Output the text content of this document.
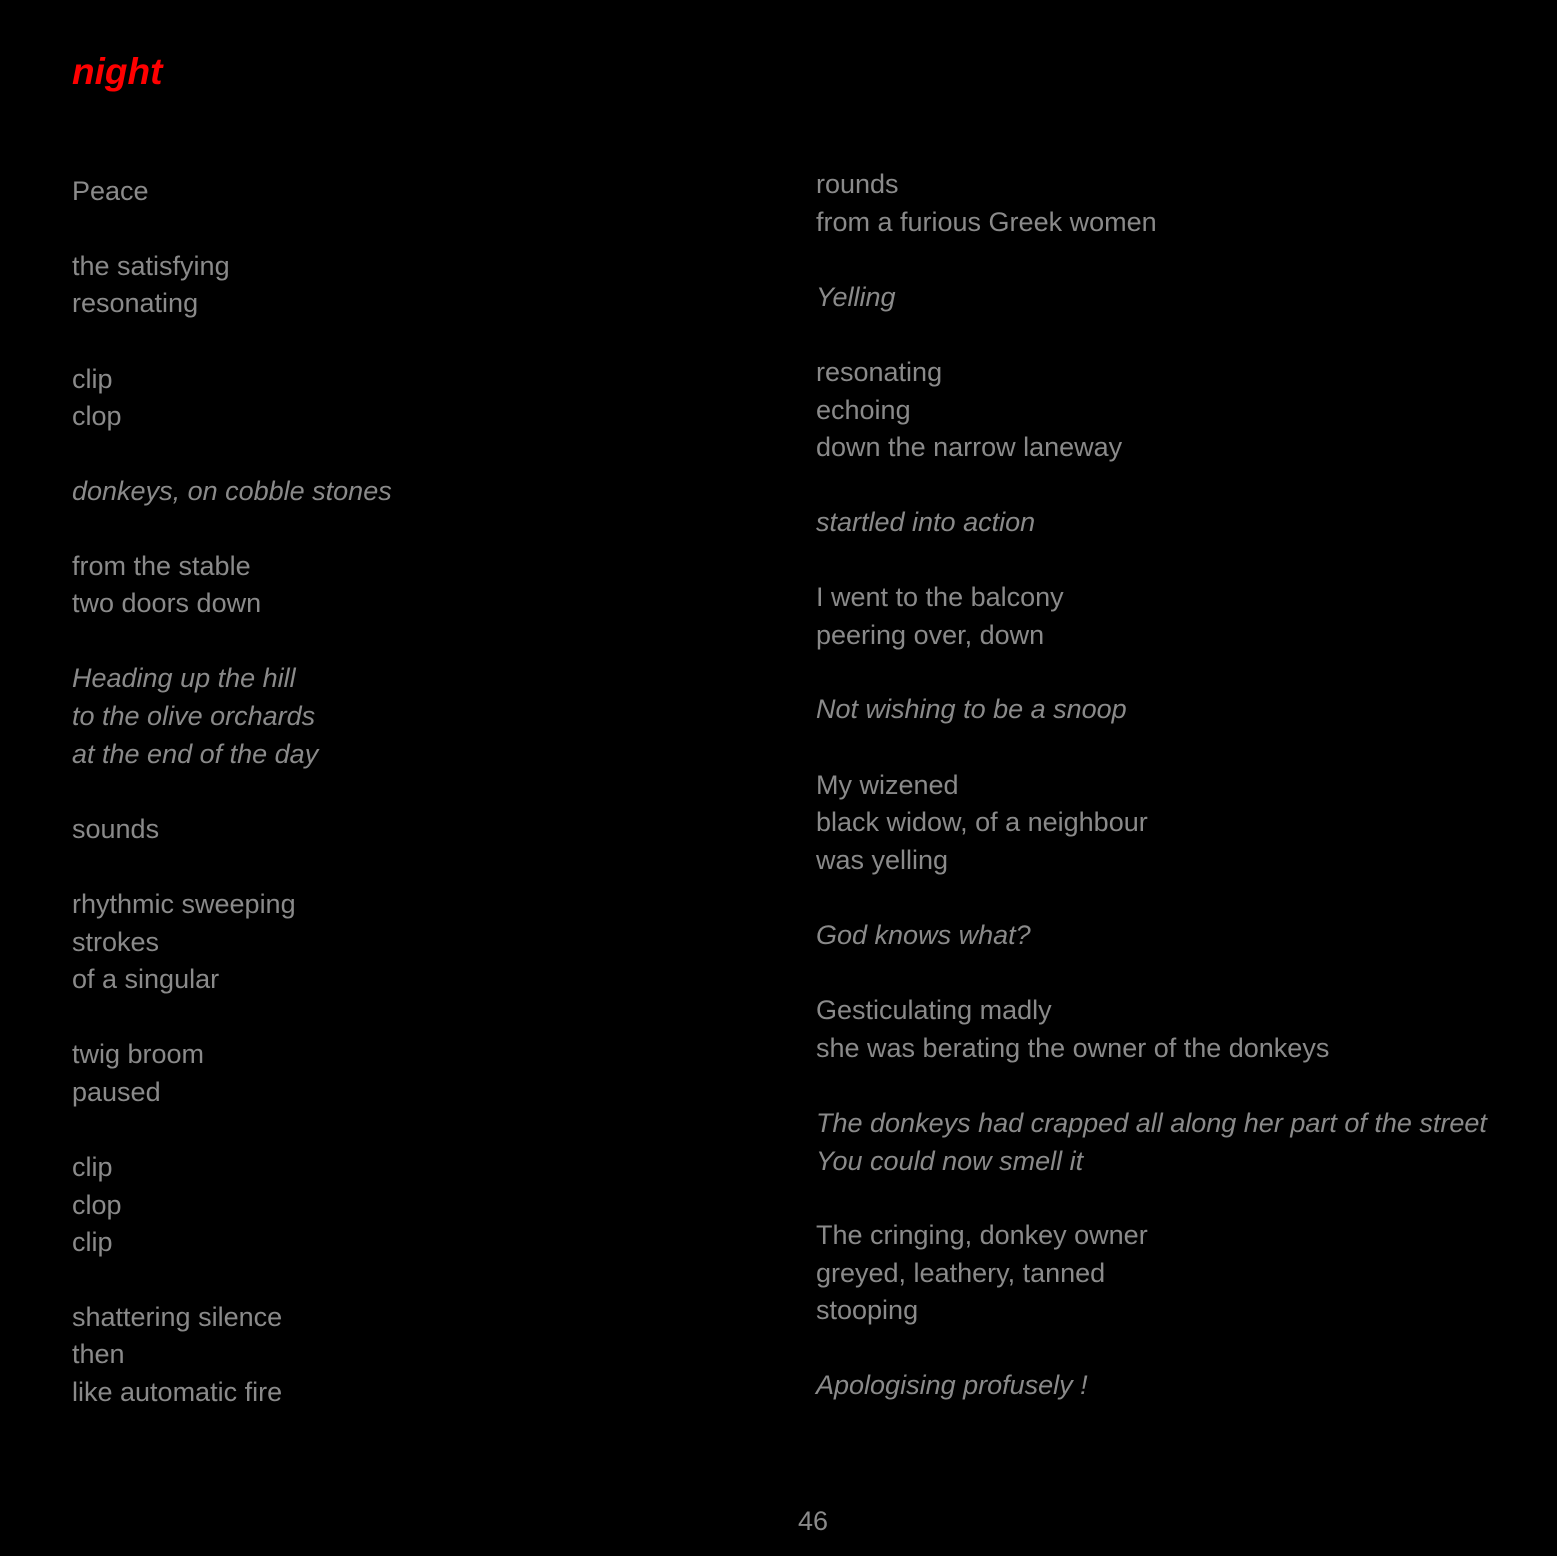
night
Peace
the satisfying
resonating
clip
clop
donkeys, on cobble stones
from the stable
two doors down
Heading up the hill
to the olive orchards
at the end of the day
sounds
rhythmic sweeping
strokes
of a singular
twig broom
paused
clip
clop
clip
shattering silence
then
like automatic fire
rounds
from a furious Greek women
Yelling
resonating
echoing
down the narrow laneway
startled into action
I went to the balcony
peering over, down
Not wishing to be a snoop
My wizened
black widow, of a neighbour
was yelling
God knows what?
Gesticulating madly
she was berating the owner of the donkeys
The donkeys had crapped all along her part of the street
You could now smell it
The cringing, donkey owner
greyed, leathery, tanned
stooping
Apologising profusely !
46
